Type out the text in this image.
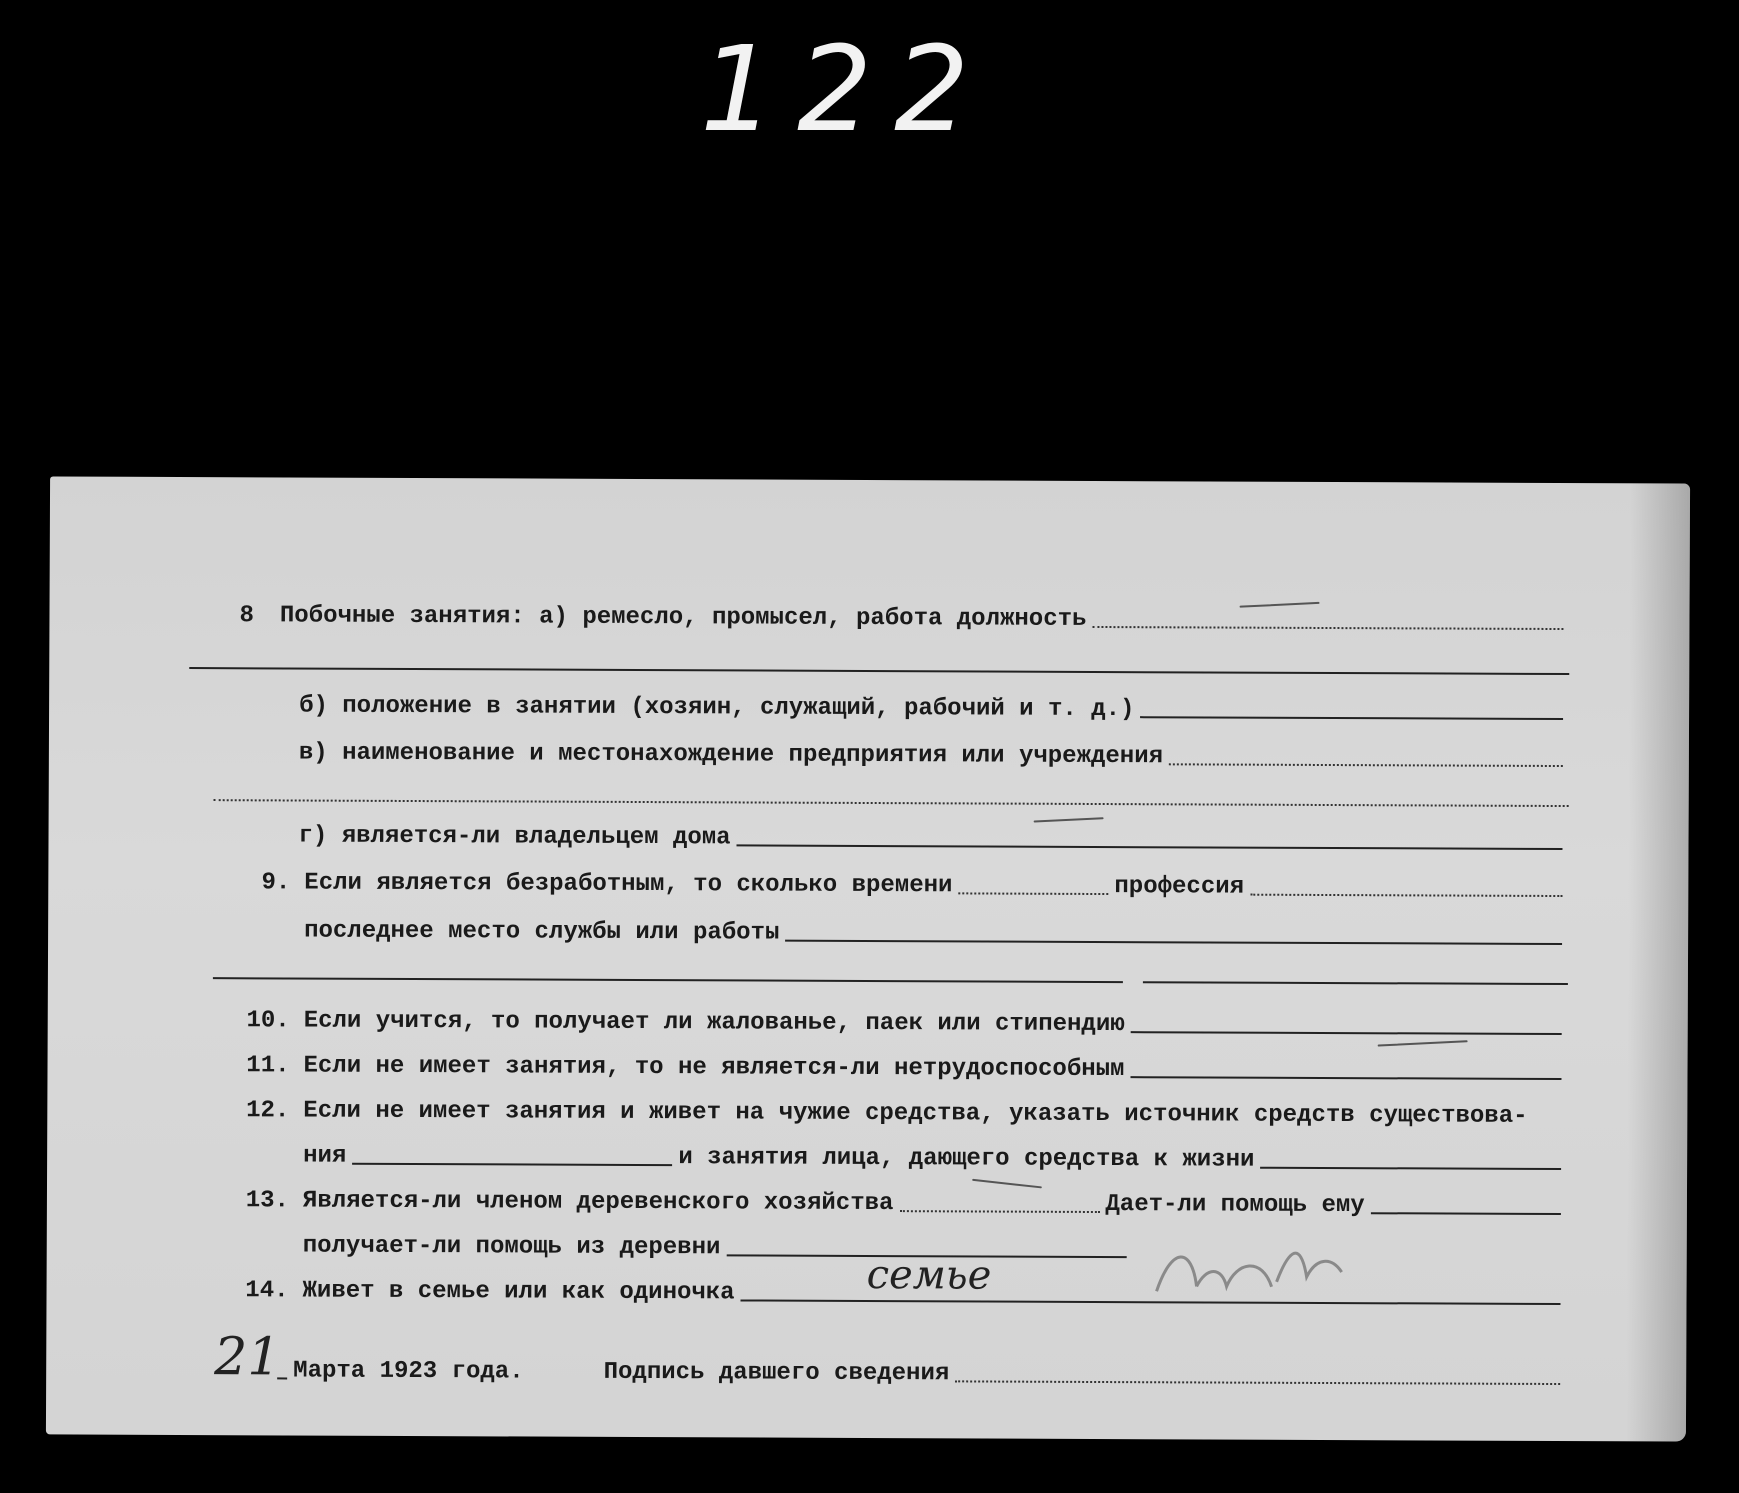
122
8 Побочные занятия: а) ремесло, промысел, работа должность
б) положение в занятии (хозяин, служащий, рабочий и т. д.)
в) наименование и местонахождение предприятия или учреждения
г) является-ли владельцем дома
9. Если является безработным, то сколько времени	профессия
последнее место службы или работы
10. Если учится, то получает ли жалованье, паек или стипендию
11. Если не имеет занятия, то не является-ли нетрудоспособным
12. Если не имеет занятия и живет на чужие средства, указать источник средств существова-
ния	и занятия лица, дающего средства к жизни
13. Является-ли членом деревенского хозяйства	Дает-ли помощь ему
получает-ли помощь из деревни
14. Живет в семье или как одиночка	семье
21 Марта 1923 года.	Подпись давшего сведения
